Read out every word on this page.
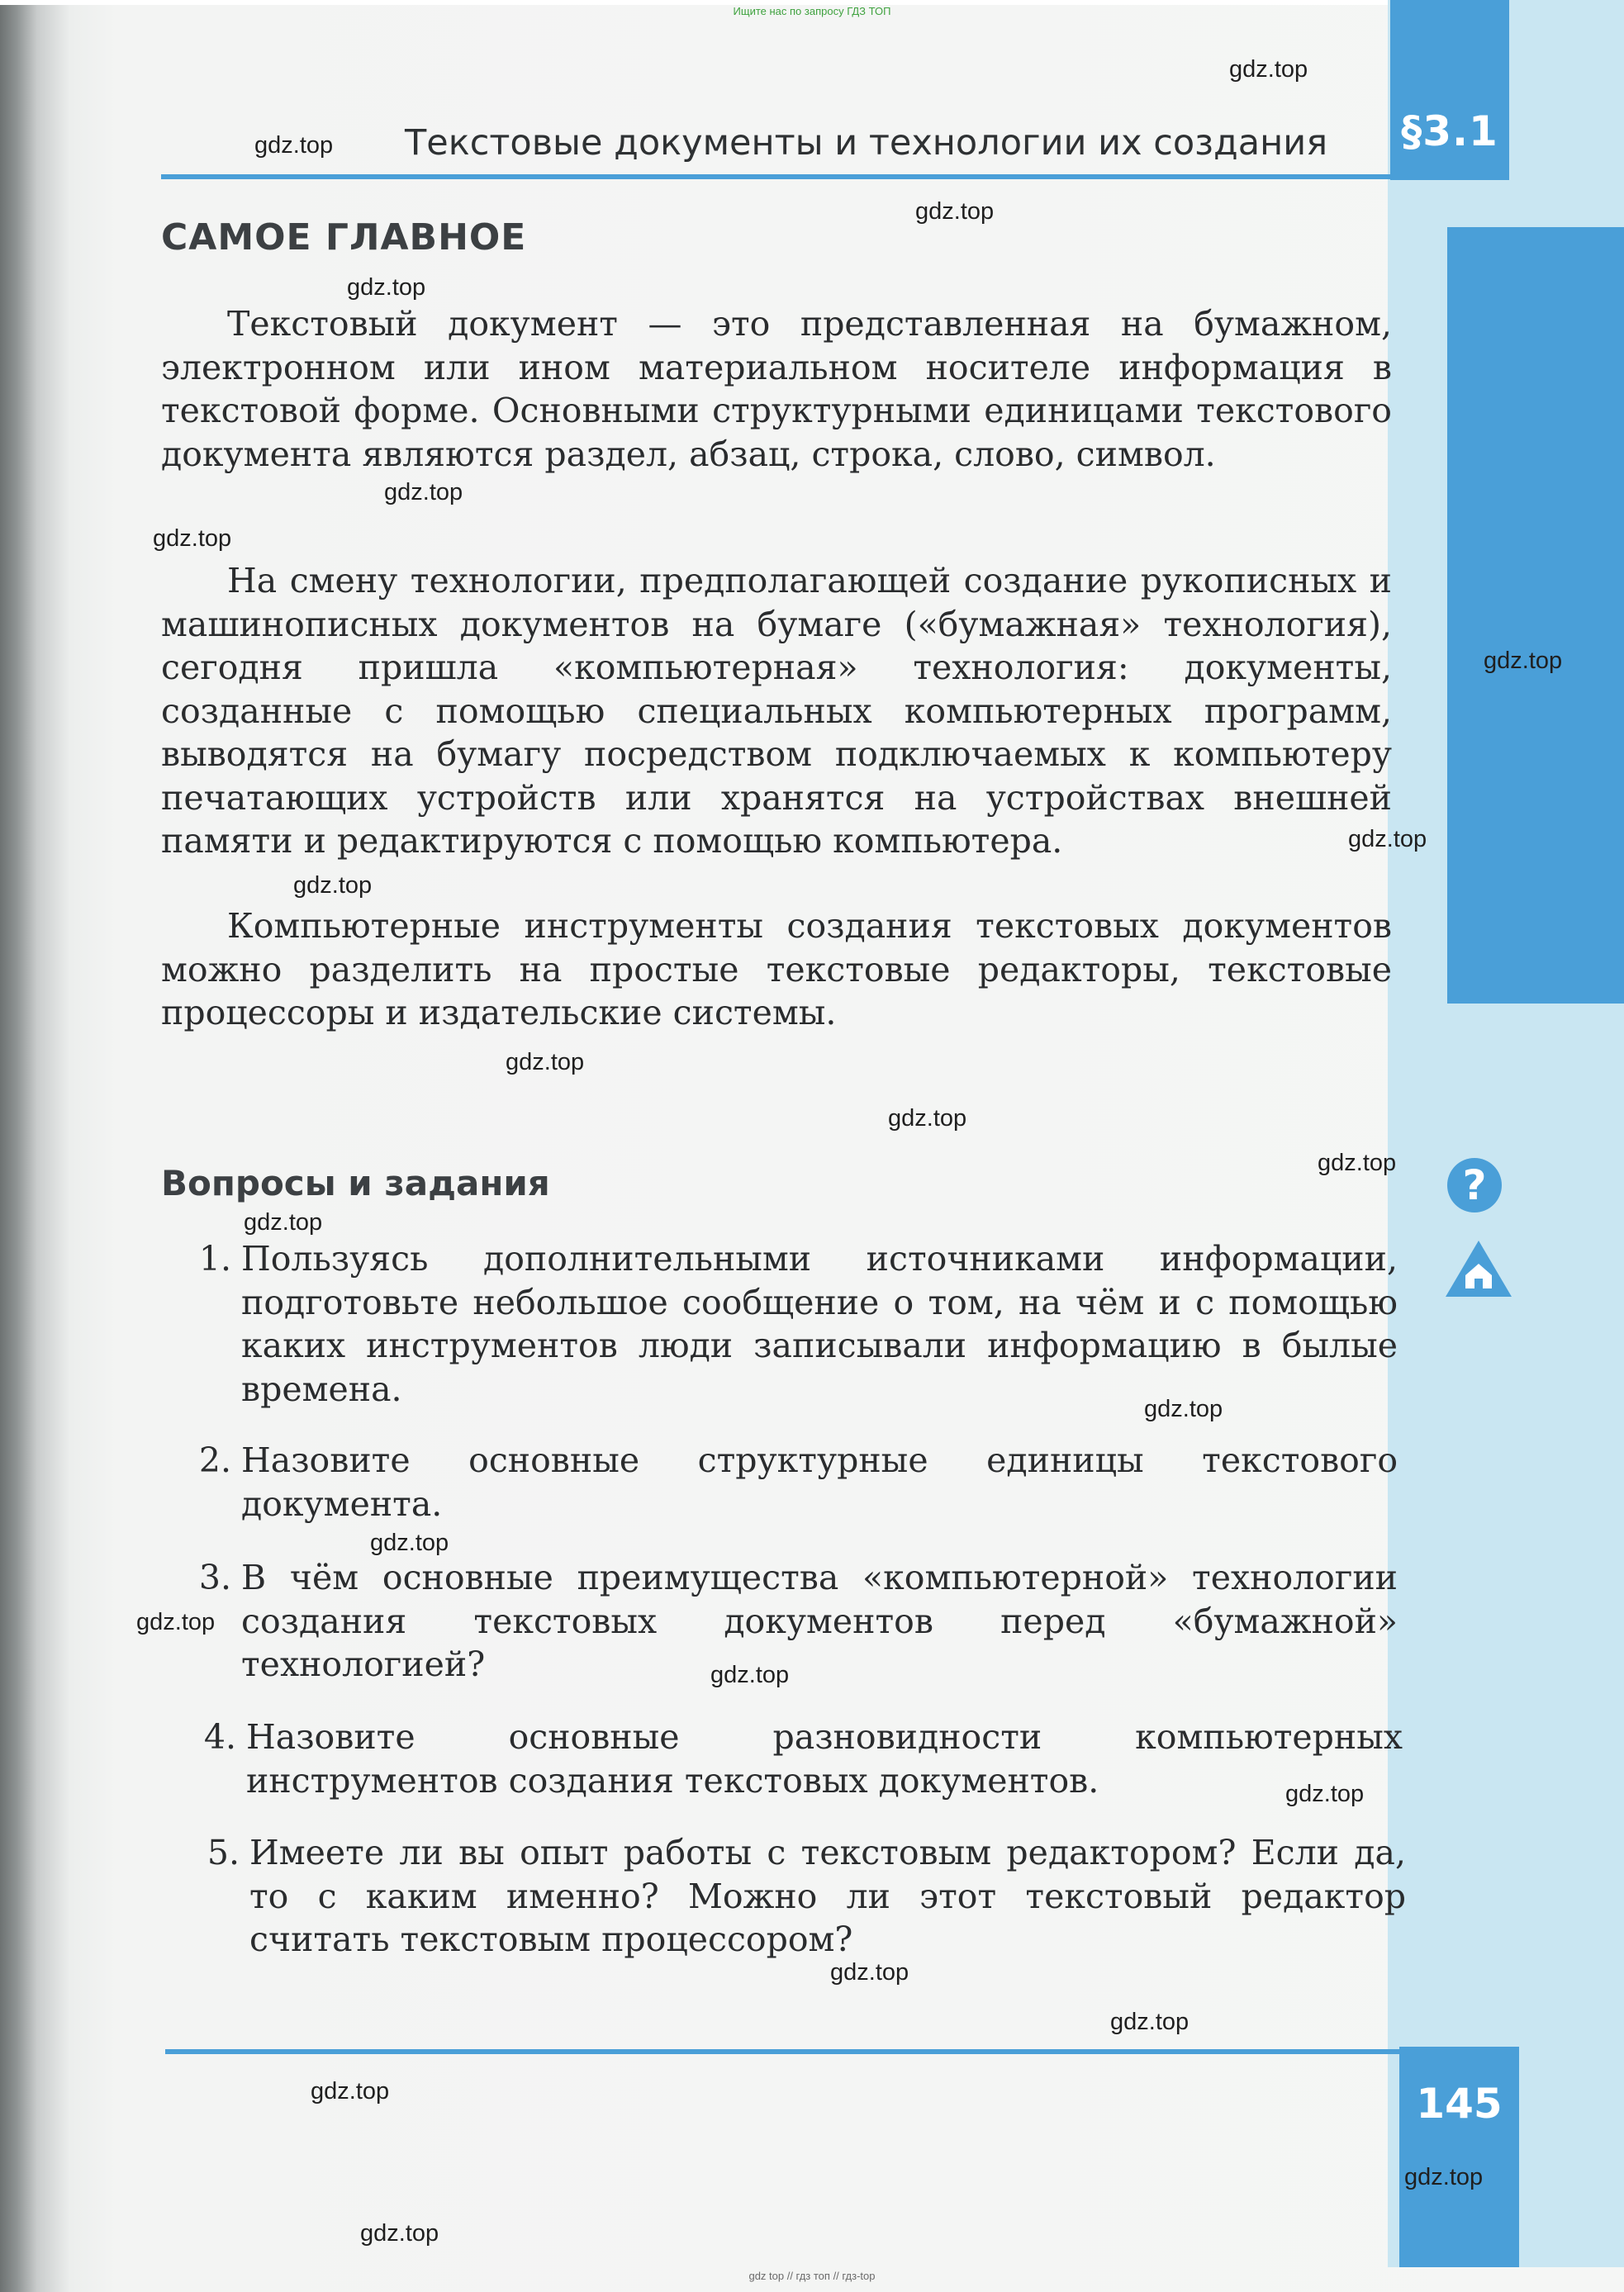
Ищите нас по запросу ГДЗ ТОП
§3.1
Текстовые документы и технологии их создания
САМОЕ ГЛАВНОЕ
Текстовый документ — это представленная на бумажном, электронном или ином материальном носителе информация в текстовой форме. Основными структурными единицами текстового документа являются раздел, абзац, строка, слово, символ.
На смену технологии, предполагающей создание рукописных и машинописных документов на бумаге («бумажная» технология), сегодня пришла «компьютерная» технология: документы, созданные с помощью специальных компьютерных программ, выводятся на бумагу посредством подключаемых к компьютеру печатающих устройств или хранятся на устройствах внешней памяти и редактируются с помощью компьютера.
Компьютерные инструменты создания текстовых документов можно разделить на простые текстовые редакторы, текстовые процессоры и издательские системы.
Вопросы и задания	?
1. Пользуясь дополнительными источниками информации, подготовьте небольшое сообщение о том, на чём и с помощью каких инструментов люди записывали информацию в былые времена.
2. Назовите основные структурные единицы текстового документа.
3. В чём основные преимущества «компьютерной» технологии создания текстовых документов перед «бумажной» технологией?
4. Назовите основные разновидности компьютерных инструментов создания текстовых документов.
5. Имеете ли вы опыт работы с текстовым редактором? Если да, то с каким именно? Можно ли этот текстовый редактор считать текстовым процессором?
145
gdz top // гдз топ // гдз-top
gdz.top
gdz.top
gdz.top
gdz.top
gdz.top
gdz.top
gdz.top
gdz.top
gdz.top
gdz.top
gdz.top
gdz.top
gdz.top
gdz.top
gdz.top
gdz.top
gdz.top
gdz.top
gdz.top
gdz.top
gdz.top
gdz.top
gdz.top
